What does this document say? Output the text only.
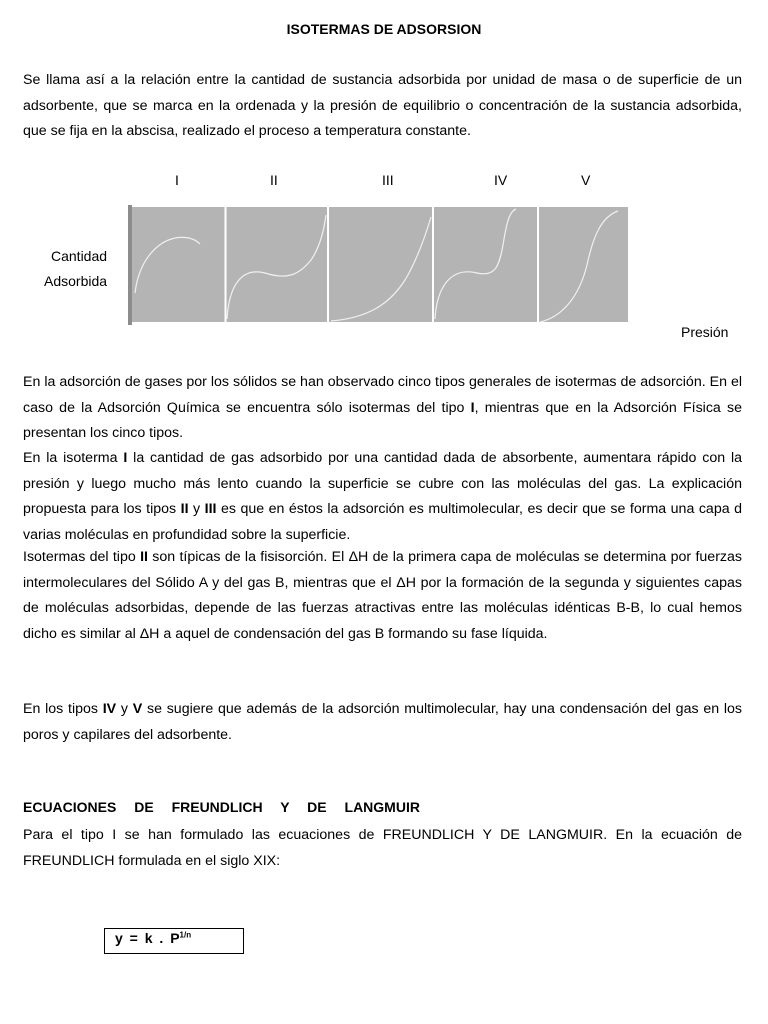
ISOTERMAS DE ADSORSION

Se llama así a la relación entre la cantidad de sustancia adsorbida por unidad de masa o de superficie de un adsorbente, que se marca en la ordenada y la presión de equilibrio o concentración de la sustancia adsorbida, que se fija en la abscisa, realizado el proceso a temperatura constante.

I	II	III	IV	V
Cantidad
Adsorbida
Presión

En la adsorción de gases por los sólidos se han observado cinco tipos generales de isotermas de adsorción. En el caso de la Adsorción Química se encuentra sólo isotermas del tipo I, mientras que en la Adsorción Física se presentan los cinco tipos.

En la isoterma I la cantidad de gas adsorbido por una cantidad dada de absorbente, aumentara rápido con la presión y luego mucho más lento cuando la superficie se cubre con las moléculas del gas. La explicación propuesta para los tipos II y III es que en éstos la adsorción es multimolecular, es decir que se forma una capa d varias moléculas en profundidad sobre la superficie.

Isotermas del tipo II son típicas de la fisisorción. El ΔH de la primera capa de moléculas se determina por fuerzas intermoleculares del Sólido A y del gas B, mientras que el ΔH por la formación de la segunda y siguientes capas de moléculas adsorbidas, depende de las fuerzas atractivas entre las moléculas idénticas B-B, lo cual hemos dicho es similar al ΔH a aquel de condensación del gas B formando su fase líquida.

En los tipos IV y V se sugiere que además de la adsorción multimolecular, hay una condensación del gas en los poros y capilares del adsorbente.

ECUACIONES DE FREUNDLICH Y DE LANGMUIR

Para el tipo I se han formulado las ecuaciones de FREUNDLICH Y DE LANGMUIR. En la ecuación de FREUNDLICH formulada en el siglo XIX:

y = k . $P^{1/n}$
